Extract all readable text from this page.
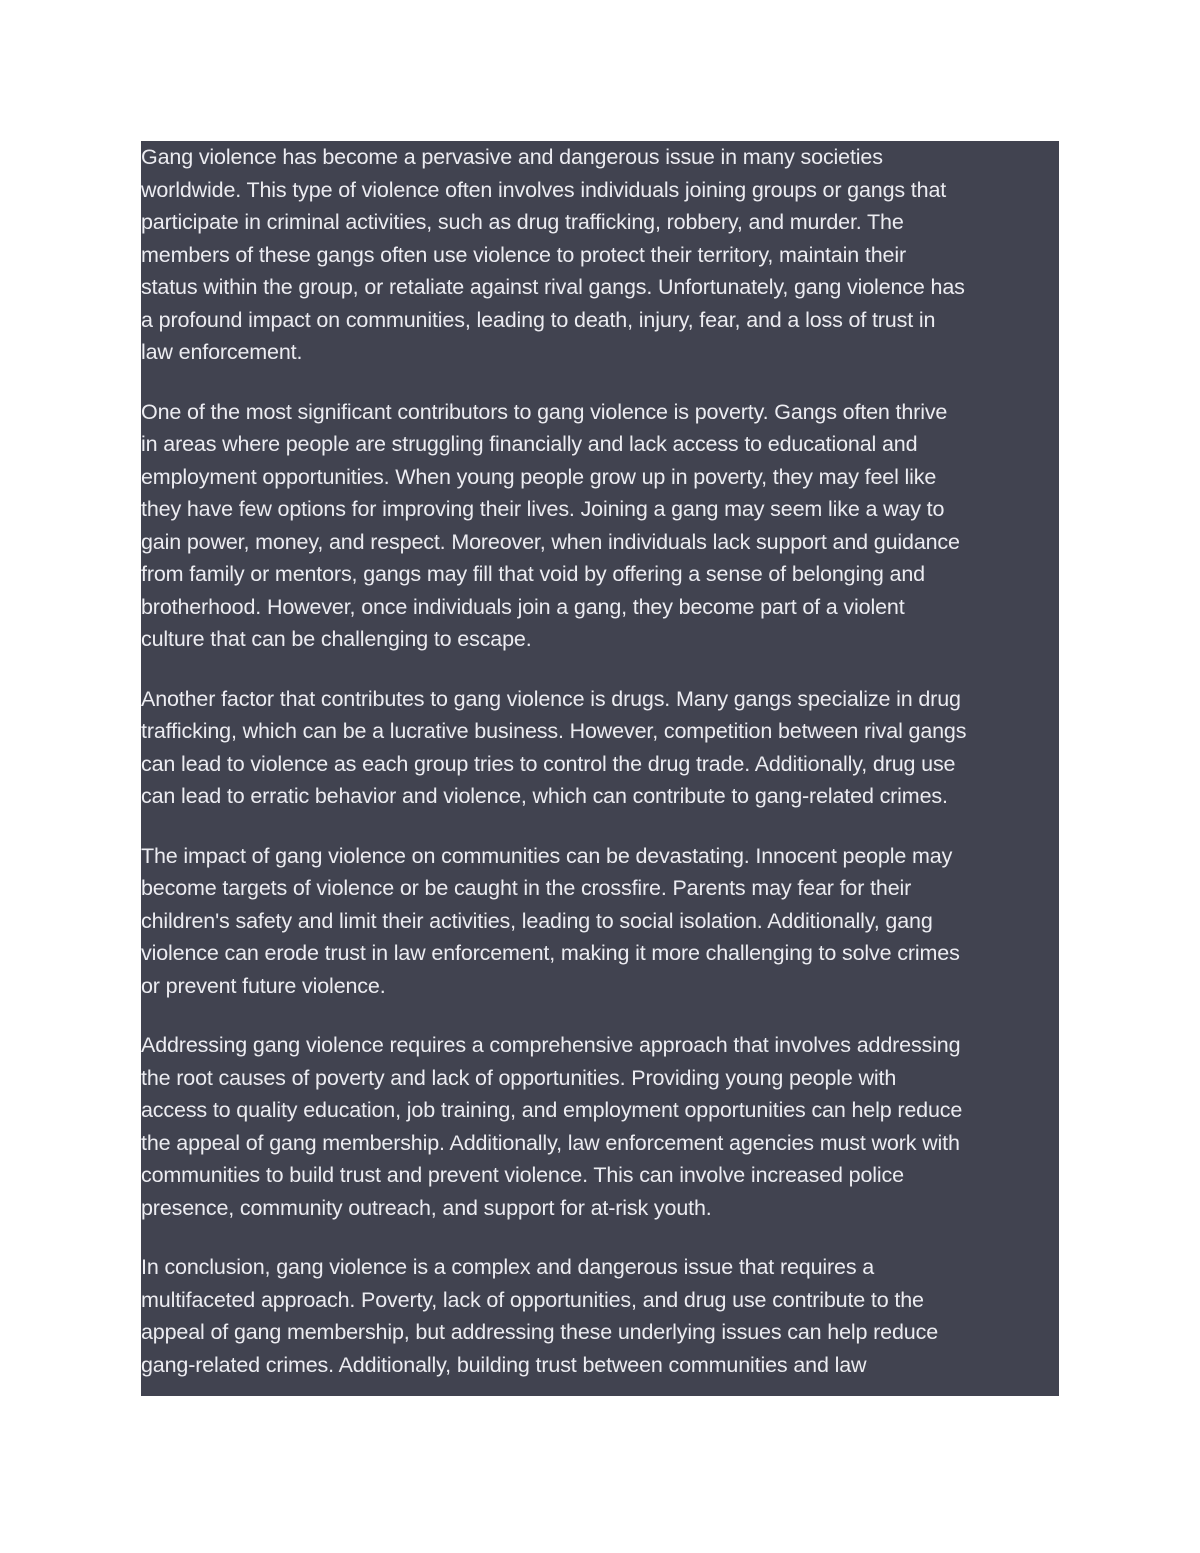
Gang violence has become a pervasive and dangerous issue in many societies
worldwide. This type of violence often involves individuals joining groups or gangs that
participate in criminal activities, such as drug trafficking, robbery, and murder. The
members of these gangs often use violence to protect their territory, maintain their
status within the group, or retaliate against rival gangs. Unfortunately, gang violence has
a profound impact on communities, leading to death, injury, fear, and a loss of trust in
law enforcement.

One of the most significant contributors to gang violence is poverty. Gangs often thrive
in areas where people are struggling financially and lack access to educational and
employment opportunities. When young people grow up in poverty, they may feel like
they have few options for improving their lives. Joining a gang may seem like a way to
gain power, money, and respect. Moreover, when individuals lack support and guidance
from family or mentors, gangs may fill that void by offering a sense of belonging and
brotherhood. However, once individuals join a gang, they become part of a violent
culture that can be challenging to escape.

Another factor that contributes to gang violence is drugs. Many gangs specialize in drug
trafficking, which can be a lucrative business. However, competition between rival gangs
can lead to violence as each group tries to control the drug trade. Additionally, drug use
can lead to erratic behavior and violence, which can contribute to gang-related crimes.

The impact of gang violence on communities can be devastating. Innocent people may
become targets of violence or be caught in the crossfire. Parents may fear for their
children's safety and limit their activities, leading to social isolation. Additionally, gang
violence can erode trust in law enforcement, making it more challenging to solve crimes
or prevent future violence.

Addressing gang violence requires a comprehensive approach that involves addressing
the root causes of poverty and lack of opportunities. Providing young people with
access to quality education, job training, and employment opportunities can help reduce
the appeal of gang membership. Additionally, law enforcement agencies must work with
communities to build trust and prevent violence. This can involve increased police
presence, community outreach, and support for at-risk youth.

In conclusion, gang violence is a complex and dangerous issue that requires a
multifaceted approach. Poverty, lack of opportunities, and drug use contribute to the
appeal of gang membership, but addressing these underlying issues can help reduce
gang-related crimes. Additionally, building trust between communities and law
